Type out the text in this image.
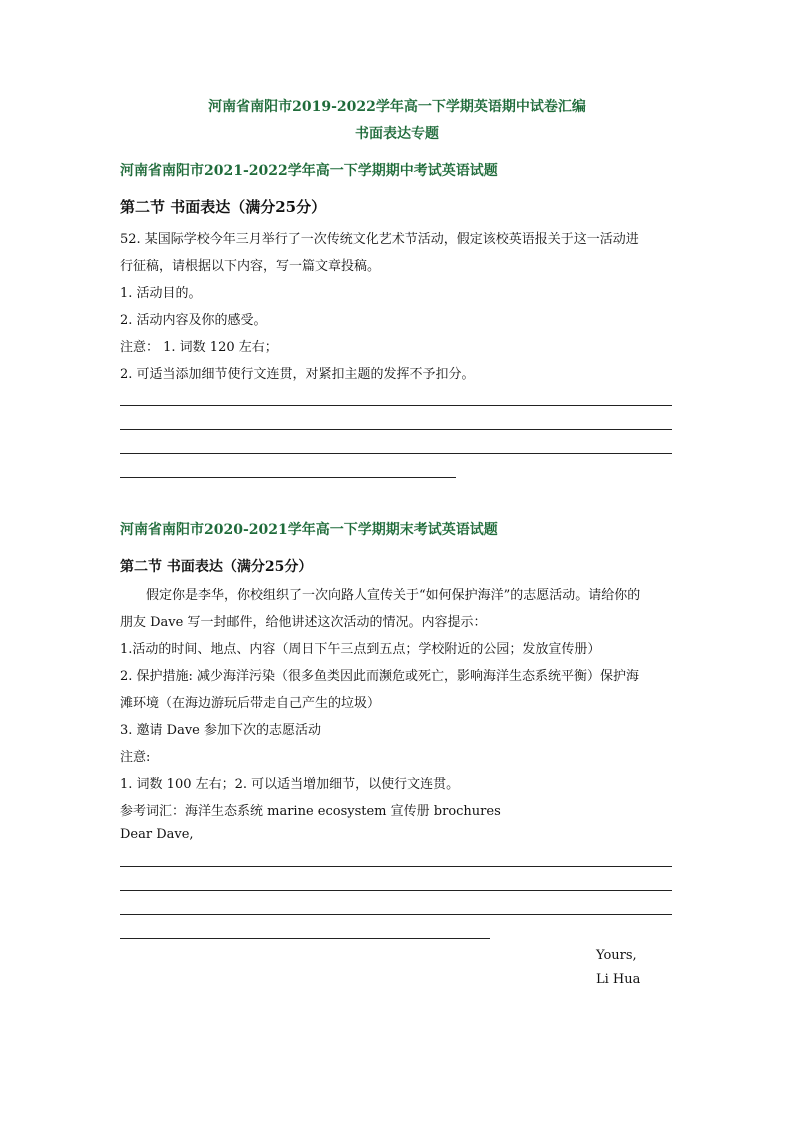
河南省南阳市2019-2022学年高一下学期英语期中试卷汇编
书面表达专题
河南省南阳市2021-2022学年高一下学期期中考试英语试题
第二节 书面表达（满分25分）
52. 某国际学校今年三月举行了一次传统文化艺术节活动，假定该校英语报关于这一活动进
行征稿，请根据以下内容，写一篇文章投稿。
1. 活动目的。
2. 活动内容及你的感受。
注意： 1. 词数 120 左右；
2. 可适当添加细节使行文连贯，对紧扣主题的发挥不予扣分。
河南省南阳市2020-2021学年高一下学期期末考试英语试题
第二节 书面表达（满分25分）
　　假定你是李华，你校组织了一次向路人宣传关于“如何保护海洋”的志愿活动。请给你的
朋友 Dave 写一封邮件，给他讲述这次活动的情况。内容提示：
1.活动的时间、地点、内容（周日下午三点到五点；学校附近的公园；发放宣传册）
2. 保护措施: 减少海洋污染（很多鱼类因此而濒危或死亡，影响海洋生态系统平衡）保护海
滩环境（在海边游玩后带走自己产生的垃圾）
3. 邀请 Dave 参加下次的志愿活动
注意:
1. 词数 100 左右；2. 可以适当增加细节，以使行文连贯。
参考词汇：海洋生态系统 marine ecosystem 宣传册 brochures
Dear Dave,
Yours,
Li Hua
